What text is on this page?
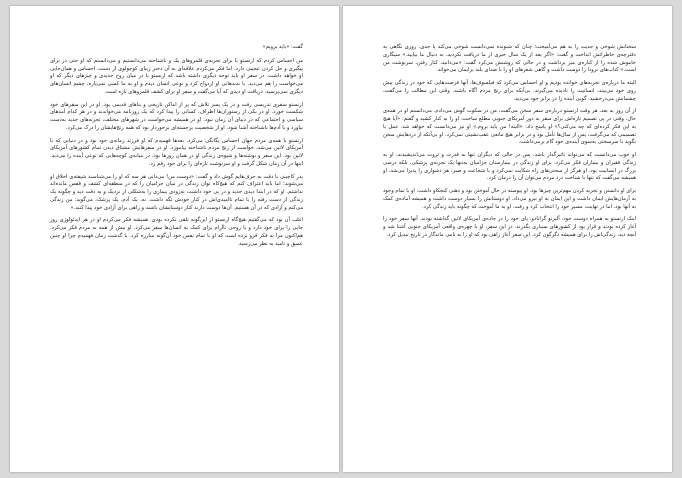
گفت: «باید برویم»

من احساس کردم که ارنستو با برای تجربه‌ی قلمروهای یک و ناشناخته می‌دانستیم و می‌دانستم که او حتی در برای پیگیری و حل کردن عجیبی دارد. اما فکر می‌کردم علاقه‌ای به آن دختر زیبای کوچولوی از دست، احساس و همان‌جایی او خواهد داشت. در سفر او باید توجه دیگری داشته باشد که ارنستو با در میان روح جدیدی و چیزهای دیگر که او می‌خواست را هم می‌دید. با ندیدهانی او ازدواج کرد و نوعی انسان دیدم و او به ما کسی نمی‌پاره، چشم انسان‌های دیگری نمی‌پرسید. دریافت او دیدی که آیا می‌گفت و سفر او برای کشف قلمروهای تازه است.

ارنستو سفری تدریسی رفت و در یک پسر تلاش که پر از اماکن تاریخی و بناهای قدیمی بود. او در این سفرهای خود شکست خورد. او در یکی از رستوران‌ها اطراف، کسانی را پیدا کرد که یک روزنامه می‌خواندند و در هر کدام آمدهای سیاسی و اجتماعی که در دنیای آن زمان نبود. او در همیشه می‌خواست در شهرهای مختلف، تجربه‌های جدید به‌دست بیاورد و با آدم‌ها ناشناخته آشنا شود. او از شخصیت برجسته‌ای برخوردار بود که همه رنج‌هایشان را درک می‌کرد.

ارنستو با همه‌ی مردم جهان احساس یگانگی می‌کرد. بعدها فهمیدم که او فرزند زمانه‌ی خود بود و در دنیایی که با آمریکای لاتین می‌شد، خواست از رنج مردم ناشناخته بیاموزد. او در سفرهایش مشتاق دیدن تمام کشورهای آمریکای لاتین بود. این سفر و نوشته‌ها و شیوه‌ی زندگی او در همان روزها بود، در میانه‌ی کوچه‌هایی که نوعی آینده را می‌دید. اینها در آن زمان شکل گرفت و او سرنوشت تازه‌ای را برای خود رقم زد.

پدر کاچینی با دقت به حرف‌هایم گوش داد و گفت: «دوست من! می‌دانی هر سه که او را می‌شناسند شیفته‌ی اخلاق او می‌شوند؛ اما باید اعتراف کنم که هیچ‌کاه توان زندگی در میان جزامیان را که در منطقه‌ای کشف و قفس مانده‌اند نداشتم. او که در ابتدا دیدی جدید و در پی خود داشت، به‌زودی بیماری را به‌شکلی از نزدیک و به دقت دید و چگونه یک زندگی از دست رفته را با تمام ناامیدی‌اش در کنار خودش نگه داشت. نه، یک آدم، یک پزشک، می‌گوید: من زندگی می‌کنم و آزادی که در آن هستیم. آن‌ها دوست دارند کنار دوستانشان باشند و راهی برای آزادی خود پیدا کنند.»

اغلب آن بود که می‌گفتیم هیچ‌گاه ارنستو از این‌گونه تلقی نکرده بودی. همیشه فکر می‌کردم او در هر ایدئولوژی روز جایی را برای خود دارد و با روحی ناآرام برای کمک به انسان‌ها سفر می‌کرد. او بیش از همه به مردم فکر می‌کرد. هم‌اکنون مرا به فکر فرو برده است که او با تمام نفس خود آن‌گونه مبارزه کرد. با گذشت زمان فهمیدم چرا او چنین عمیق و نامید به نظر می‌رسید.

سخنانش شوخی و جدیت را به هم می‌آمیخت؛ چنان که شنونده نمی‌دانست شوخی می‌کند یا جدی. روزی نگاهی به دفترچه‌ی خاطراتش انداخت و گفت: «اگر بعد از یک سال خبری از ما دریافت نکردید، به دنبال ما بیایید.» سیگاری خاموش شده را از کناره‌ی میز برداشت و در حالی که روشنش می‌کرد گفت: «می‌دانید، کنار رفتن، سرنوشت من است.» کتاب‌های نرودا را دوست داشت و گاهی شعرهای او را با صدای بلند برایمان می‌خواند.

البته ما درباره‌ی تجربه‌های خوانده بودیم و او احساس می‌کرد که فیلسوف‌ها، آنها فرصت‌هایی که خود در زندگی پیش روی خود می‌بیند، انسانیت را نادیده می‌گیرند. بی‌آنکه برای رنج مردم آگاه باشند. وقتی این مطالب را می‌گفت، چشمانش می‌درخشید. گویی آینده را در برابر خود می‌دید.

از آن روز به بعد، هر وقت ارنستو درباره‌ی سفر سخن می‌گفت، من در سکوت گوش می‌دادم. می‌دانستم او در همه‌ی حال، وقتی در پی تصمیم تازه‌اش برای سفر به دور آمریکای جنوبی مطلع ساخت، او را به کنار کشید و گفتم: «آیا هیچ به این فکر کرده‌ای که چه می‌کنی؟» او پاسخ داد: «البته! من باید بروم.» او نیز می‌دانست که خواهد شد. عمل یا تصمیمی که می‌گرفت، پس از سال‌ها تأمل بود و در برابر هیچ مانعی عقب‌نشینی نمی‌کرد. او بی‌آنکه از دردهایش سخن بگوید با سرسختی به‌سوی آینده‌ی خود گام برمی‌داشت.

او خوب می‌دانست که می‌تواند تاثیرگذار باشد، پس در حالی که دیگران تنها به قدرت و ثروت می‌اندیشیدند، او به زندگی فقیران و بیماران فکر می‌کرد. برای او زندگی در بیمارستان جزامیان نه‌تنها یک تجربه‌ی پزشکی، بلکه درسی بزرگ در انسانیت بود. او هرگز از سختی‌های راه شکایت نمی‌کرد و با شجاعت و صبر، هر دشواری را پذیرا می‌شد. او همیشه می‌گفت که تنها با شناخت درد مردم می‌توان آن را درمان کرد.

برای او دانستن و تجربه کردن مهم‌ترین چیزها بود. او پیوسته در حال آموختن بود و ذهنی کنجکاو داشت. او با تمام وجود به آرمان‌هایش ایمان داشت و این ایمان به او نیرو می‌داد. او دوستانش را بسیار دوست داشت و همیشه آماده‌ی کمک به آنها بود. اما در نهایت، مسیر خود را انتخاب کرد و رفت. او به ما آموخت که چگونه باید زندگی کرد.

اینک ارنستو به همراه دوست خود، آلبرتو گرانادو، پای خود را در جاده‌ی آمریکای لاتین گذاشته بودند. آنها سفر خود را آغاز کرده بودند و قرار بود از کشورهای بسیاری بگذرند. در این سفر، او با چهره‌ی واقعی آمریکای جنوبی آشنا شد و آنچه دید، زندگی‌اش را برای همیشه دگرگون کرد. این سفر آغاز راهی بود که او را به نامی ماندگار در تاریخ تبدیل کرد.
